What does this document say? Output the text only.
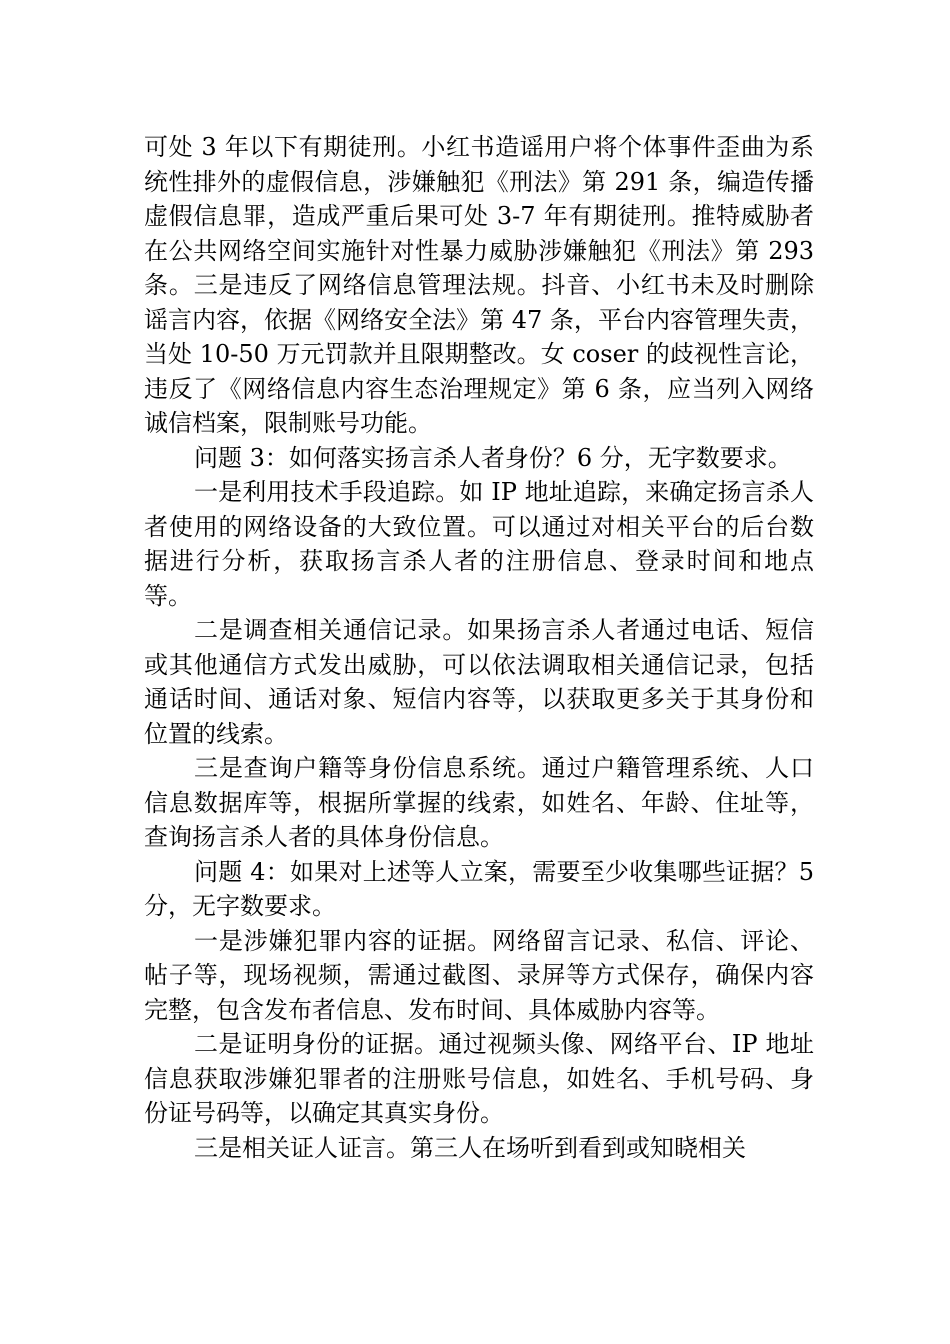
可处 3 年以下有期徒刑。小红书造谣用户将个体事件歪曲为系统性排外的虚假信息，涉嫌触犯《刑法》第 291 条，编造传播虚假信息罪，造成严重后果可处 3-7 年有期徒刑。推特威胁者在公共网络空间实施针对性暴力威胁涉嫌触犯《刑法》第 293 条。三是违反了网络信息管理法规。抖音、小红书未及时删除谣言内容，依据《网络安全法》第 47 条，平台内容管理失责，当处 10-50 万元罚款并且限期整改。女 coser 的歧视性言论，违反了《网络信息内容生态治理规定》第 6 条，应当列入网络诚信档案，限制账号功能。

问题 3：如何落实扬言杀人者身份？6 分，无字数要求。

一是利用技术手段追踪。如 IP 地址追踪，来确定扬言杀人者使用的网络设备的大致位置。可以通过对相关平台的后台数据进行分析，获取扬言杀人者的注册信息、登录时间和地点等。

二是调查相关通信记录。如果扬言杀人者通过电话、短信或其他通信方式发出威胁，可以依法调取相关通信记录，包括通话时间、通话对象、短信内容等，以获取更多关于其身份和位置的线索。

三是查询户籍等身份信息系统。通过户籍管理系统、人口信息数据库等，根据所掌握的线索，如姓名、年龄、住址等，查询扬言杀人者的具体身份信息。

问题 4：如果对上述等人立案，需要至少收集哪些证据？5 分，无字数要求。

一是涉嫌犯罪内容的证据。网络留言记录、私信、评论、帖子等，现场视频，需通过截图、录屏等方式保存，确保内容完整，包含发布者信息、发布时间、具体威胁内容等。

二是证明身份的证据。通过视频头像、网络平台、IP 地址信息获取涉嫌犯罪者的注册账号信息，如姓名、手机号码、身份证号码等，以确定其真实身份。

三是相关证人证言。第三人在场听到看到或知晓相关
